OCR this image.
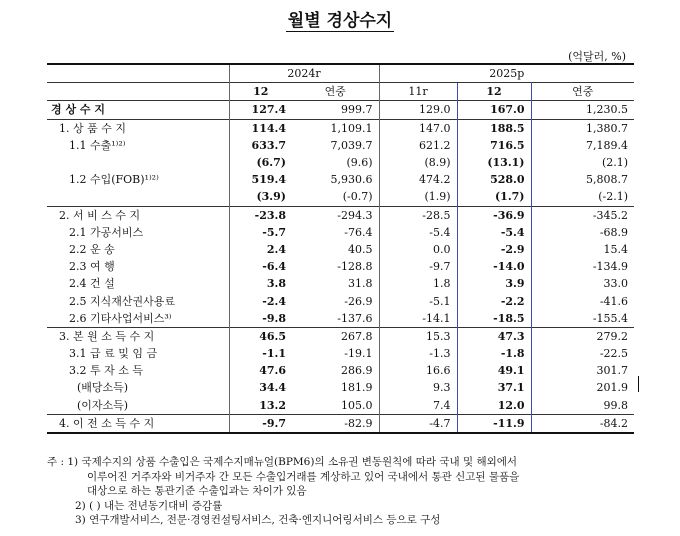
월별 경상수지
(억달러, %)
	2024r		2025p		
	12	연중	11r	12	연중
경 상 수 지	127.4	999.7	129.0	167.0	1,230.5
1. 상 품 수 지	114.4	1,109.1	147.0	188.5	1,380.7
1.1 수출¹⁾²⁾	633.7	7,039.7	621.2	716.5	7,189.4
	(6.7)	(9.6)	(8.9)	(13.1)	(2.1)
1.2 수입(FOB)¹⁾²⁾	519.4	5,930.6	474.2	528.0	5,808.7
	(3.9)	(-0.7)	(1.9)	(1.7)	(-2.1)
2. 서 비 스 수 지	-23.8	-294.3	-28.5	-36.9	-345.2
2.1 가공서비스	-5.7	-76.4	-5.4	-5.4	-68.9
2.2 운 송	2.4	40.5	0.0	-2.9	15.4
2.3 여 행	-6.4	-128.8	-9.7	-14.0	-134.9
2.4 건 설	3.8	31.8	1.8	3.9	33.0
2.5 지식재산권사용료	-2.4	-26.9	-5.1	-2.2	-41.6
2.6 기타사업서비스³⁾	-9.8	-137.6	-14.1	-18.5	-155.4
3. 본 원 소 득 수 지	46.5	267.8	15.3	47.3	279.2
3.1 급 료 및 임 금	-1.1	-19.1	-1.3	-1.8	-22.5
3.2 투 자 소 득	47.6	286.9	16.6	49.1	301.7
(배당소득)	34.4	181.9	9.3	37.1	201.9
(이자소득)	13.2	105.0	7.4	12.0	99.8
4. 이 전 소 득 수 지	-9.7	-82.9	-4.7	-11.9	-84.2
주 : 1) 국제수지의 상품 수출입은 국제수지매뉴얼(BPM6)의 소유권 변동원칙에 따라 국내 및 해외에서
이루어진 거주자와 비거주자 간 모든 수출입거래를 계상하고 있어 국내에서 통관 신고된 물품을
대상으로 하는 통관기준 수출입과는 차이가 있음
2) ( ) 내는 전년동기대비 증감률
3) 연구개발서비스, 전문·경영컨설팅서비스, 건축·엔지니어링서비스 등으로 구성
